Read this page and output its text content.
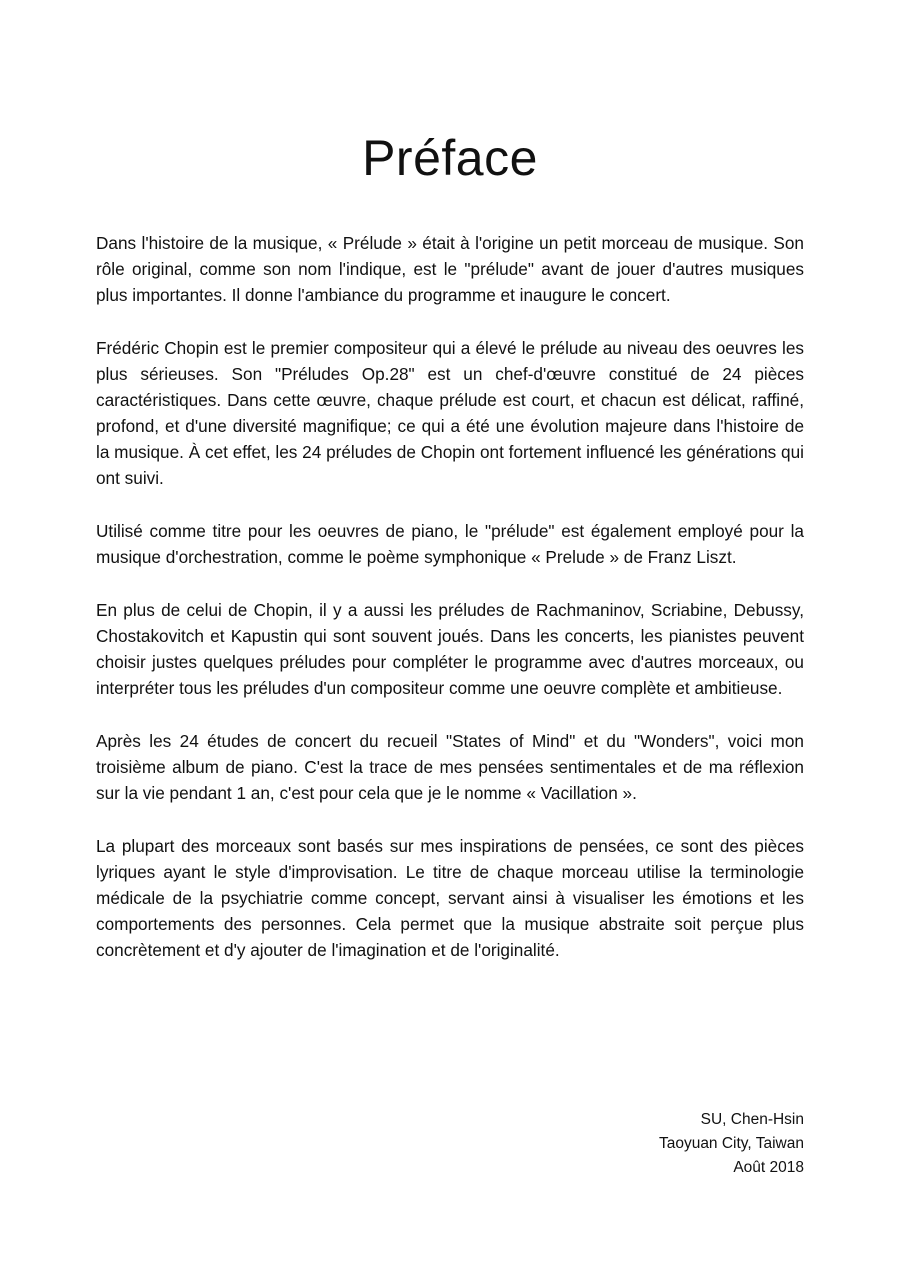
Préface

Dans l'histoire de la musique, « Prélude » était à l'origine un petit morceau de musique. Son rôle original, comme son nom l'indique, est le "prélude" avant de jouer d'autres musiques plus importantes. Il donne l'ambiance du programme et inaugure le concert.

Frédéric Chopin est le premier compositeur qui a élevé le prélude au niveau des oeuvres les plus sérieuses. Son "Préludes Op.28" est un chef-d'œuvre constitué de 24 pièces caractéristiques. Dans cette œuvre, chaque prélude est court, et chacun est délicat, raffiné, profond, et d'une diversité magnifique; ce qui a été une évolution majeure dans l'histoire de la musique. À cet effet, les 24 préludes de Chopin ont fortement influencé les générations qui ont suivi.

Utilisé comme titre pour les oeuvres de piano, le "prélude" est également employé pour la musique d'orchestration, comme le poème symphonique « Prelude » de Franz Liszt.

En plus de celui de Chopin, il y a aussi les préludes de Rachmaninov, Scriabine, Debussy, Chostakovitch et Kapustin qui sont souvent joués. Dans les concerts, les pianistes peuvent choisir justes quelques préludes pour compléter le programme avec d'autres morceaux, ou interpréter tous les préludes d'un compositeur comme une oeuvre complète et ambitieuse.

Après les 24 études de concert du recueil "States of Mind" et du "Wonders", voici mon troisième album de piano. C'est la trace de mes pensées sentimentales et de ma réflexion sur la vie pendant 1 an, c'est pour cela que je le nomme « Vacillation ».

La plupart des morceaux sont basés sur mes inspirations de pensées, ce sont des pièces lyriques ayant le style d'improvisation. Le titre de chaque morceau utilise la terminologie médicale de la psychiatrie comme concept, servant ainsi à visualiser les émotions et les comportements des personnes. Cela permet que la musique abstraite soit perçue plus concrètement et d'y ajouter de l'imagination et de l'originalité.

SU, Chen-Hsin
Taoyuan City, Taiwan
Août 2018
